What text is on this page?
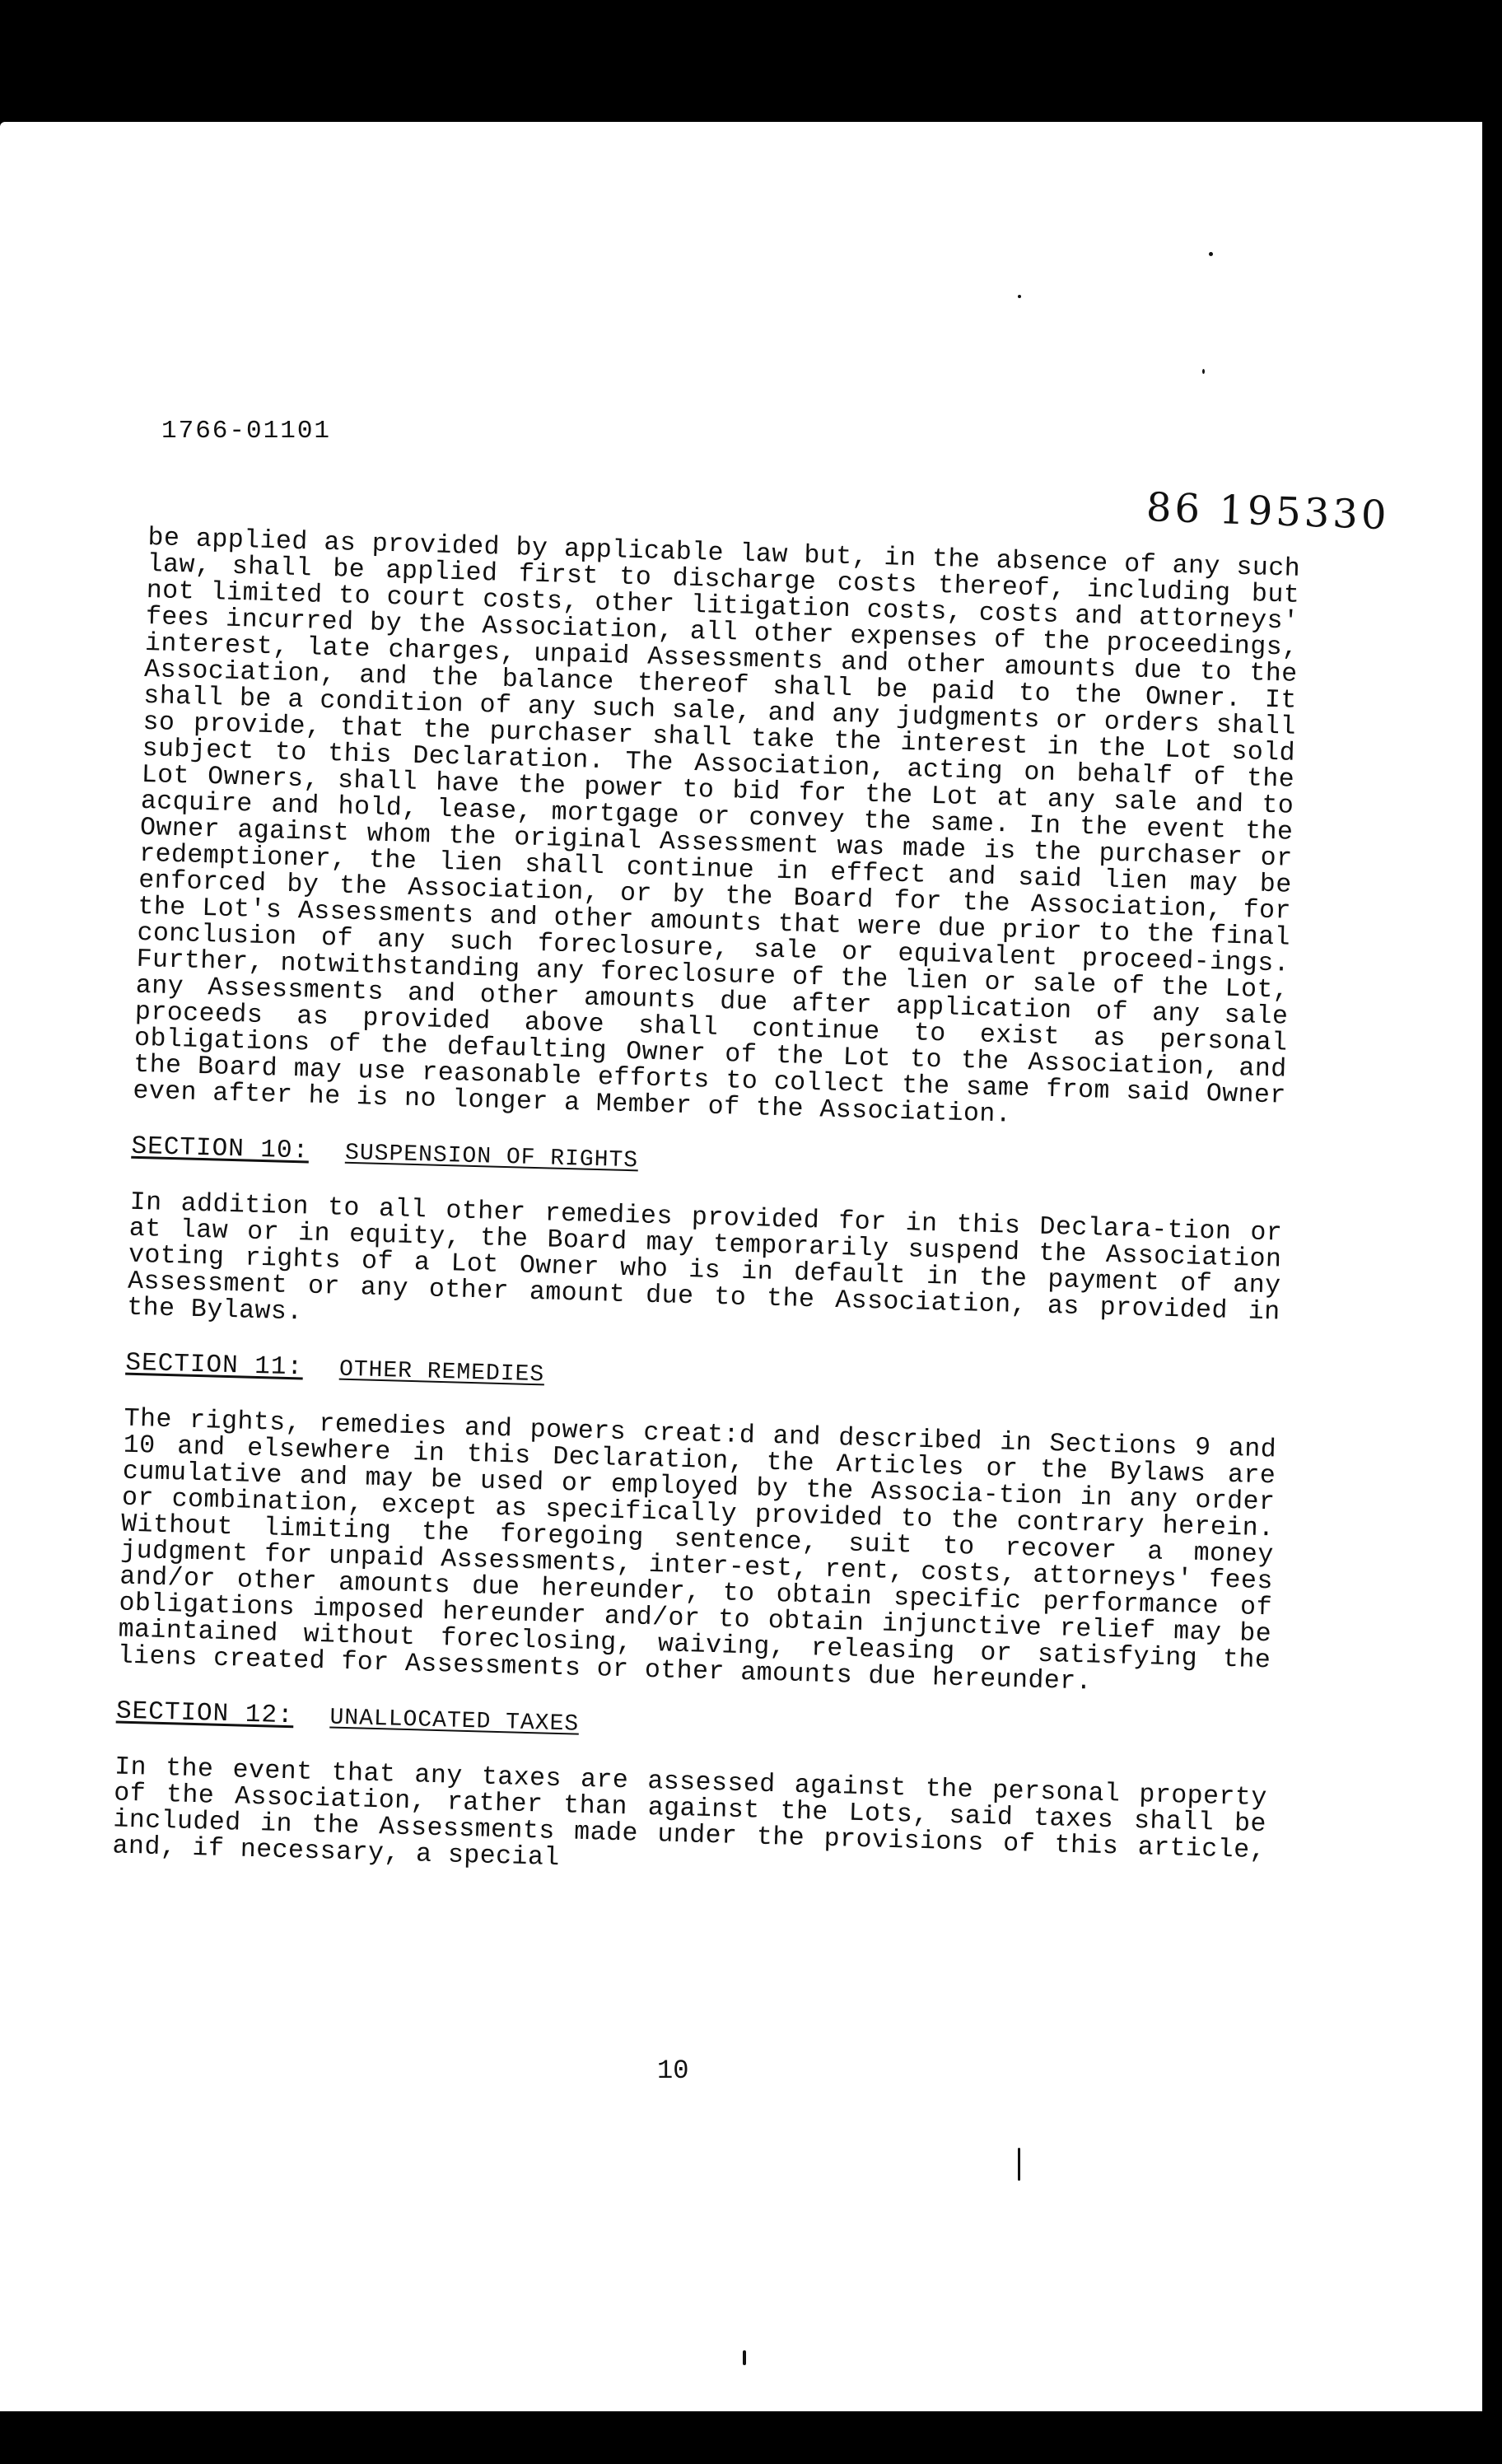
1766-01101
86 195330

be applied as provided by applicable law but, in the absence of any such law, shall be applied first to discharge costs thereof, including but not limited to court costs, other litigation costs, costs and attorneys' fees incurred by the Association, all other expenses of the proceedings, interest, late charges, unpaid Assessments and other amounts due to the Association, and the balance thereof shall be paid to the Owner. It shall be a condition of any such sale, and any judgments or orders shall so provide, that the purchaser shall take the interest in the Lot sold subject to this Declaration. The Association, acting on behalf of the Lot Owners, shall have the power to bid for the Lot at any sale and to acquire and hold, lease, mortgage or convey the same. In the event the Owner against whom the original Assessment was made is the purchaser or redemptioner, the lien shall continue in effect and said lien may be enforced by the Association, or by the Board for the Association, for the Lot's Assessments and other amounts that were due prior to the final conclusion of any such foreclosure, sale or equivalent proceed-ings. Further, notwithstanding any foreclosure of the lien or sale of the Lot, any Assessments and other amounts due after application of any sale proceeds as provided above shall continue to exist as personal obligations of the defaulting Owner of the Lot to the Association, and the Board may use reasonable efforts to collect the same from said Owner even after he is no longer a Member of the Association.

SECTION 10: SUSPENSION OF RIGHTS

In addition to all other remedies provided for in this Declara-tion or at law or in equity, the Board may temporarily suspend the Association voting rights of a Lot Owner who is in default in the payment of any Assessment or any other amount due to the Association, as provided in the Bylaws.

SECTION 11: OTHER REMEDIES

The rights, remedies and powers creat:d and described in Sections 9 and 10 and elsewhere in this Declaration, the Articles or the Bylaws are cumulative and may be used or employed by the Associa-tion in any order or combination, except as specifically provided to the contrary herein. Without limiting the foregoing sentence, suit to recover a money judgment for unpaid Assessments, inter-est, rent, costs, attorneys' fees and/or other amounts due hereunder, to obtain specific performance of obligations imposed hereunder and/or to obtain injunctive relief may be maintained without foreclosing, waiving, releasing or satisfying the liens created for Assessments or other amounts due hereunder.

SECTION 12: UNALLOCATED TAXES

In the event that any taxes are assessed against the personal property of the Association, rather than against the Lots, said taxes shall be included in the Assessments made under the provisions of this article, and, if necessary, a special

10
